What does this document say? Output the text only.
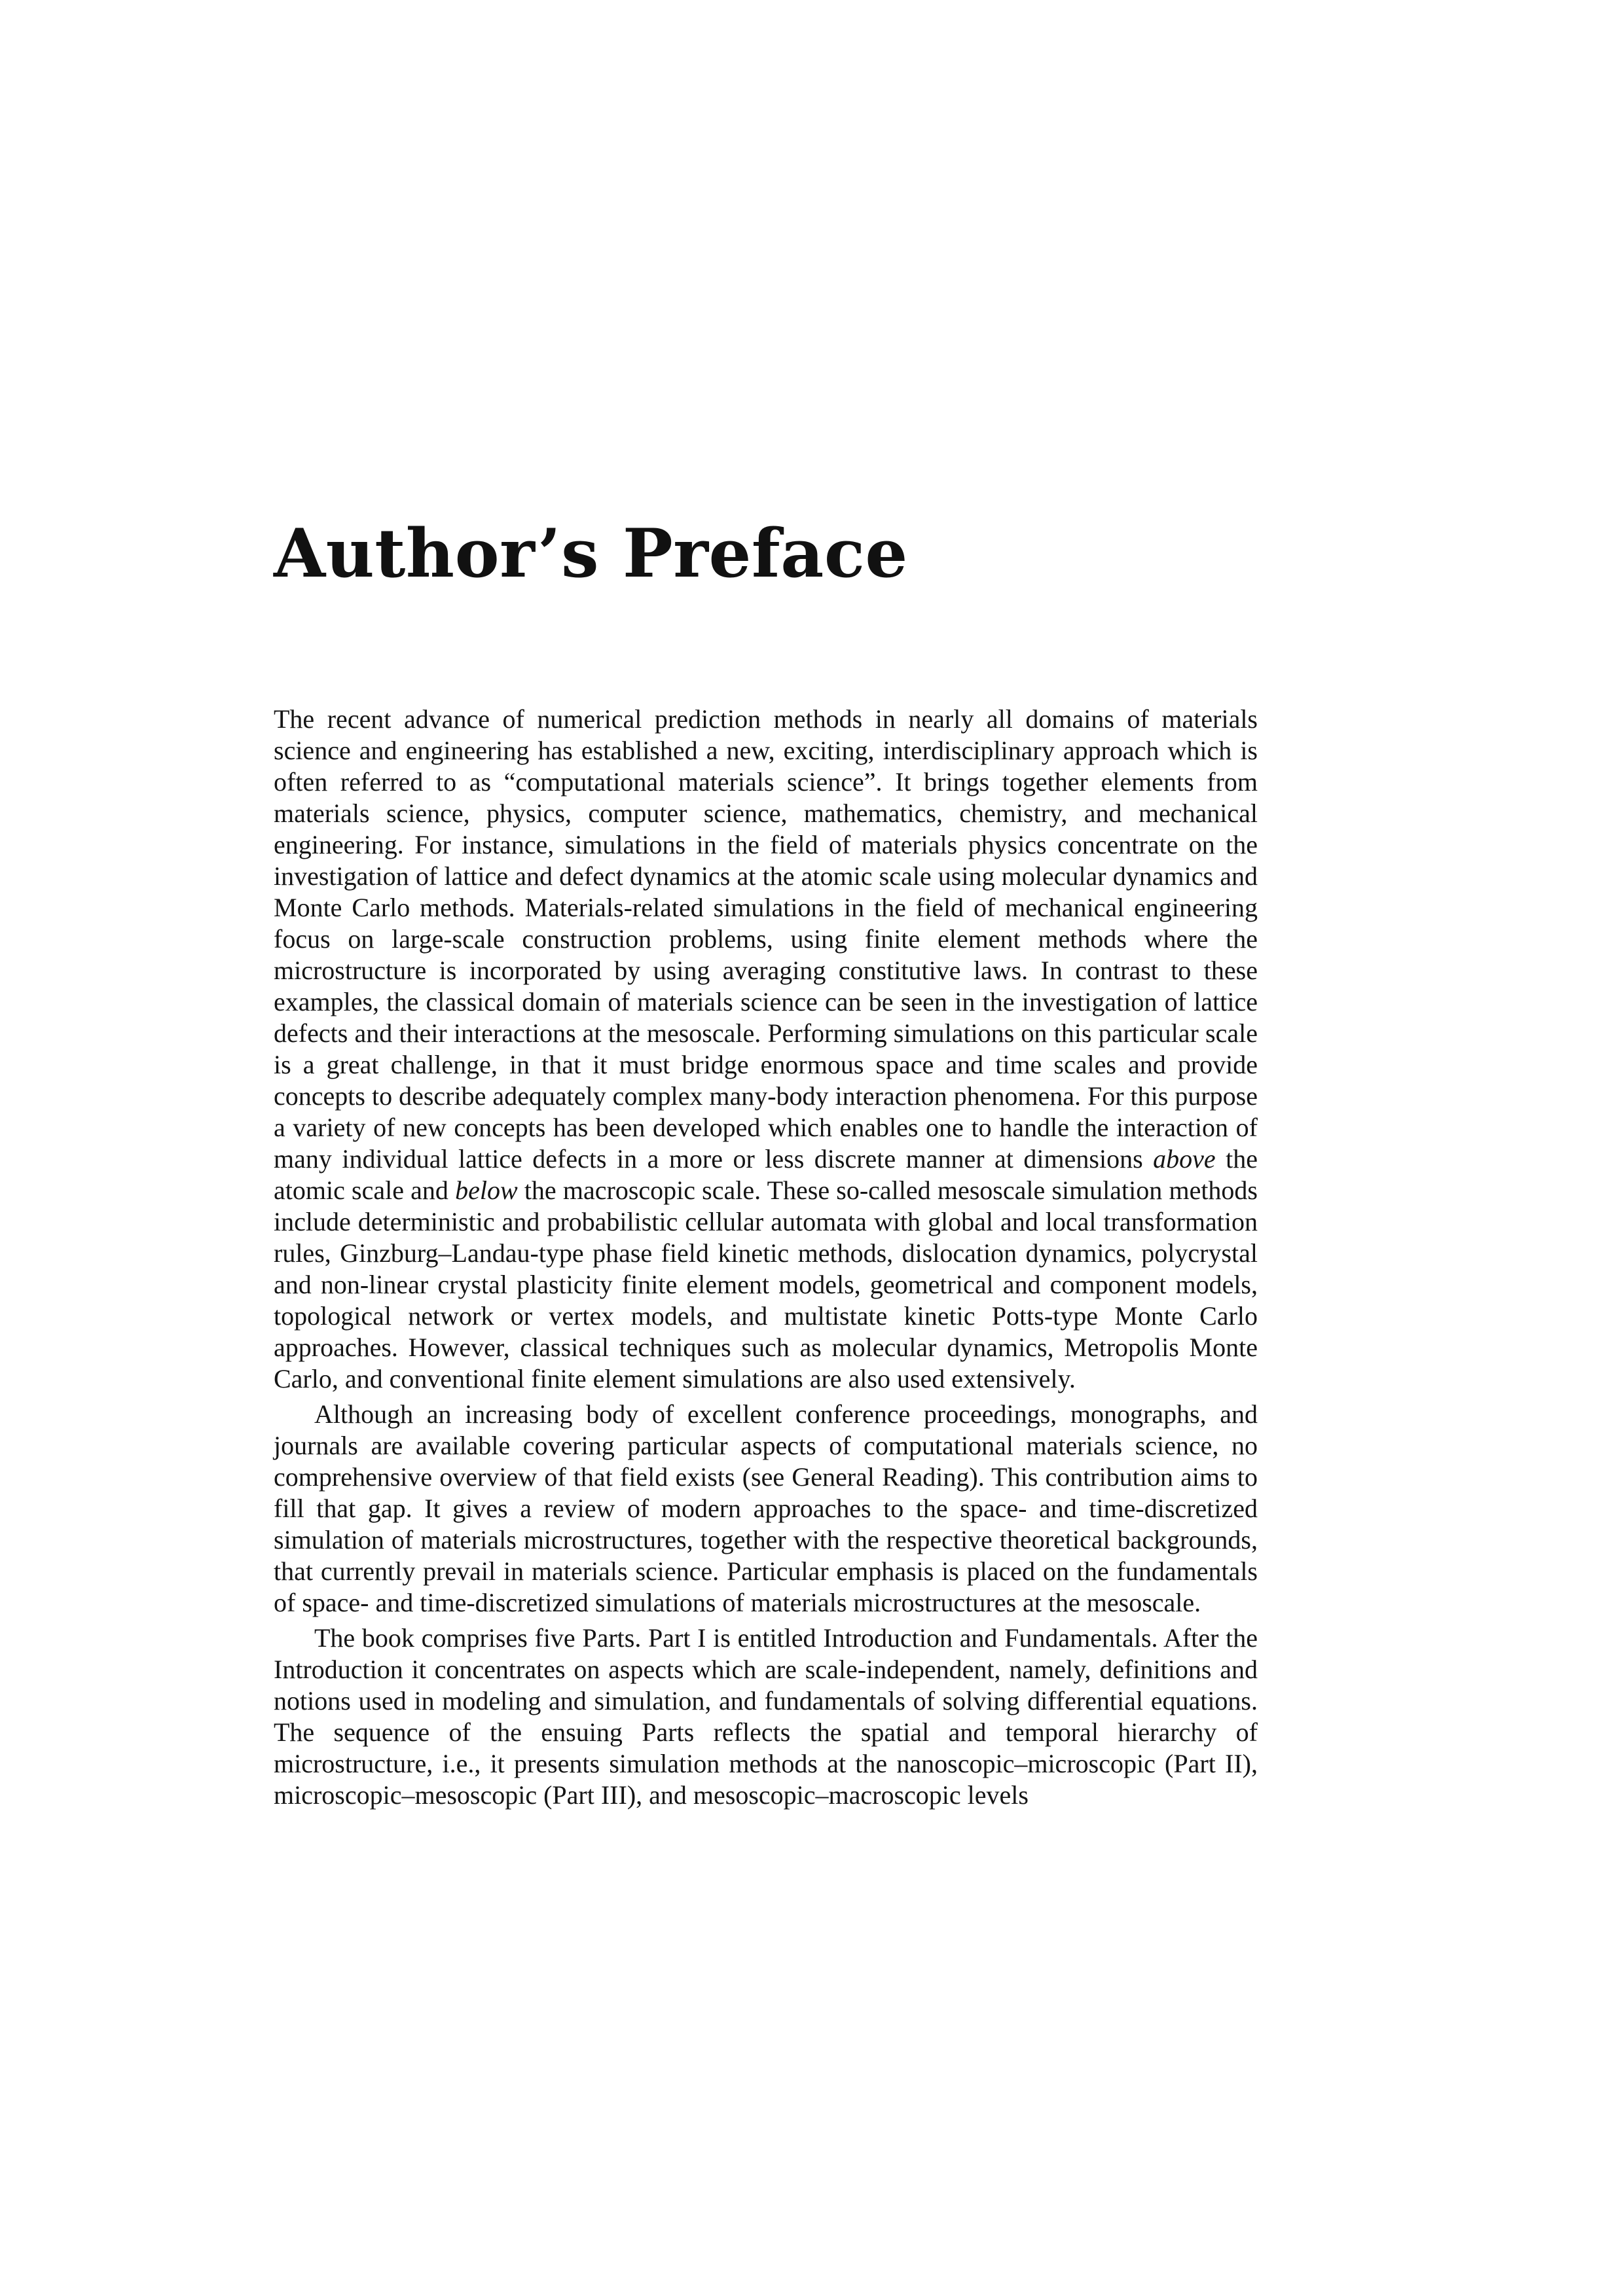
Author’s Preface

The recent advance of numerical prediction methods in nearly all domains of materials science and engineering has established a new, exciting, interdisciplinary approach which is often referred to as “computational materials science”. It brings together elements from materials science, physics, computer science, mathematics, chemistry, and mechanical engineering. For instance, simulations in the field of materials physics concentrate on the investigation of lattice and defect dynamics at the atomic scale using molecular dynamics and Monte Carlo methods. Materials-related simulations in the field of mechanical engineering focus on large-scale construction problems, using finite element methods where the microstructure is incorporated by using averaging constitutive laws. In contrast to these examples, the classical domain of materials science can be seen in the investigation of lattice defects and their interactions at the mesoscale. Performing simulations on this particular scale is a great challenge, in that it must bridge enormous space and time scales and provide concepts to describe adequately complex many-body interaction phenomena. For this purpose a variety of new concepts has been developed which enables one to handle the interaction of many individual lattice defects in a more or less discrete manner at dimensions above the atomic scale and below the macroscopic scale. These so-called mesoscale simulation methods include deterministic and probabilistic cellular automata with global and local transformation rules, Ginzburg–Landau-type phase field kinetic methods, dislocation dynamics, polycrystal and non-linear crystal plasticity finite element models, geometrical and component models, topological network or vertex models, and multistate kinetic Potts-type Monte Carlo approaches. However, classical techniques such as molecular dynamics, Metropolis Monte Carlo, and conventional finite element simulations are also used extensively.

Although an increasing body of excellent conference proceedings, monographs, and journals are available covering particular aspects of computational materials science, no comprehensive overview of that field exists (see General Reading). This contribution aims to fill that gap. It gives a review of modern approaches to the space- and time-discretized simulation of materials microstructures, together with the respective theoretical backgrounds, that currently prevail in materials science. Particular emphasis is placed on the fundamentals of space- and time-discretized simulations of materials microstructures at the mesoscale.

The book comprises five Parts. Part I is entitled Introduction and Fundamentals. After the Introduction it concentrates on aspects which are scale-independent, namely, definitions and notions used in modeling and simulation, and fundamentals of solving differential equations. The sequence of the ensuing Parts reflects the spatial and temporal hierarchy of microstructure, i.e., it presents simulation methods at the nanoscopic–microscopic (Part II), microscopic–mesoscopic (Part III), and mesoscopic–macroscopic levels
